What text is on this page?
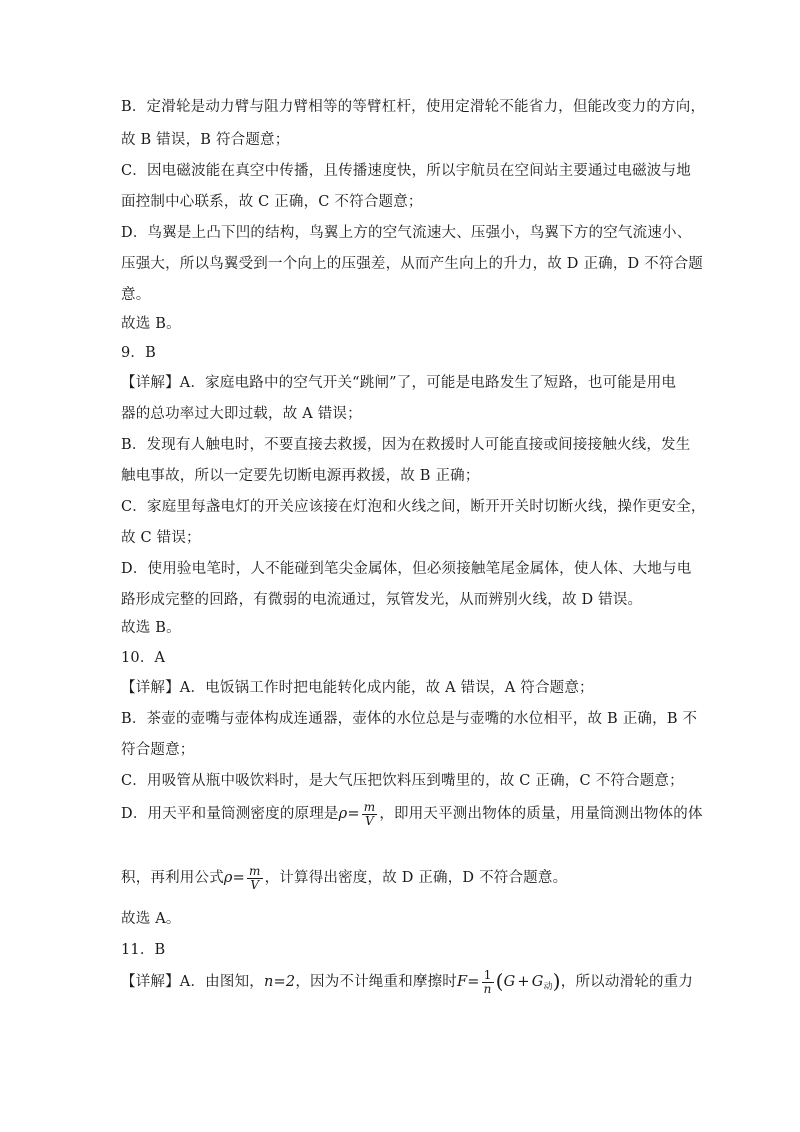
B．定滑轮是动力臂与阻力臂相等的等臂杠杆，使用定滑轮不能省力，但能改变力的方向，
故 B 错误，B 符合题意；
C．因电磁波能在真空中传播，且传播速度快，所以宇航员在空间站主要通过电磁波与地
面控制中心联系，故 C 正确，C 不符合题意；
D．鸟翼是上凸下凹的结构，鸟翼上方的空气流速大、压强小，鸟翼下方的空气流速小、
压强大，所以鸟翼受到一个向上的压强差，从而产生向上的升力，故 D 正确，D 不符合题
意。
故选 B。
9．B
【详解】A．家庭电路中的空气开关“跳闸”了，可能是电路发生了短路，也可能是用电
器的总功率过大即过载，故 A 错误；
B．发现有人触电时，不要直接去救援，因为在救援时人可能直接或间接接触火线，发生
触电事故，所以一定要先切断电源再救援，故 B 正确；
C．家庭里每盏电灯的开关应该接在灯泡和火线之间，断开开关时切断火线，操作更安全，
故 C 错误；
D．使用验电笔时，人不能碰到笔尖金属体，但必须接触笔尾金属体，使人体、大地与电
路形成完整的回路，有微弱的电流通过，氖管发光，从而辨别火线，故 D 错误。
故选 B。
10．A
【详解】A．电饭锅工作时把电能转化成内能，故 A 错误，A 符合题意；
B．茶壶的壶嘴与壶体构成连通器，壶体的水位总是与壶嘴的水位相平，故 B 正确，B 不
符合题意；
C．用吸管从瓶中吸饮料时，是大气压把饮料压到嘴里的，故 C 正确，C 不符合题意；
D．用天平和量筒测密度的原理是$\rho= \frac{m}{V}$ ，即用天平测出物体的质量，用量筒测出物体的体
积，再利用公式$\rho= \frac{m}{V}$ ，计算得出密度，故 D 正确，D 不符合题意。
故选 A。
11．B
【详解】A．由图知，n=2，因为不计绳重和摩擦时$F= \frac{1}{n} (G + G_动)$，所以动滑轮的重力
